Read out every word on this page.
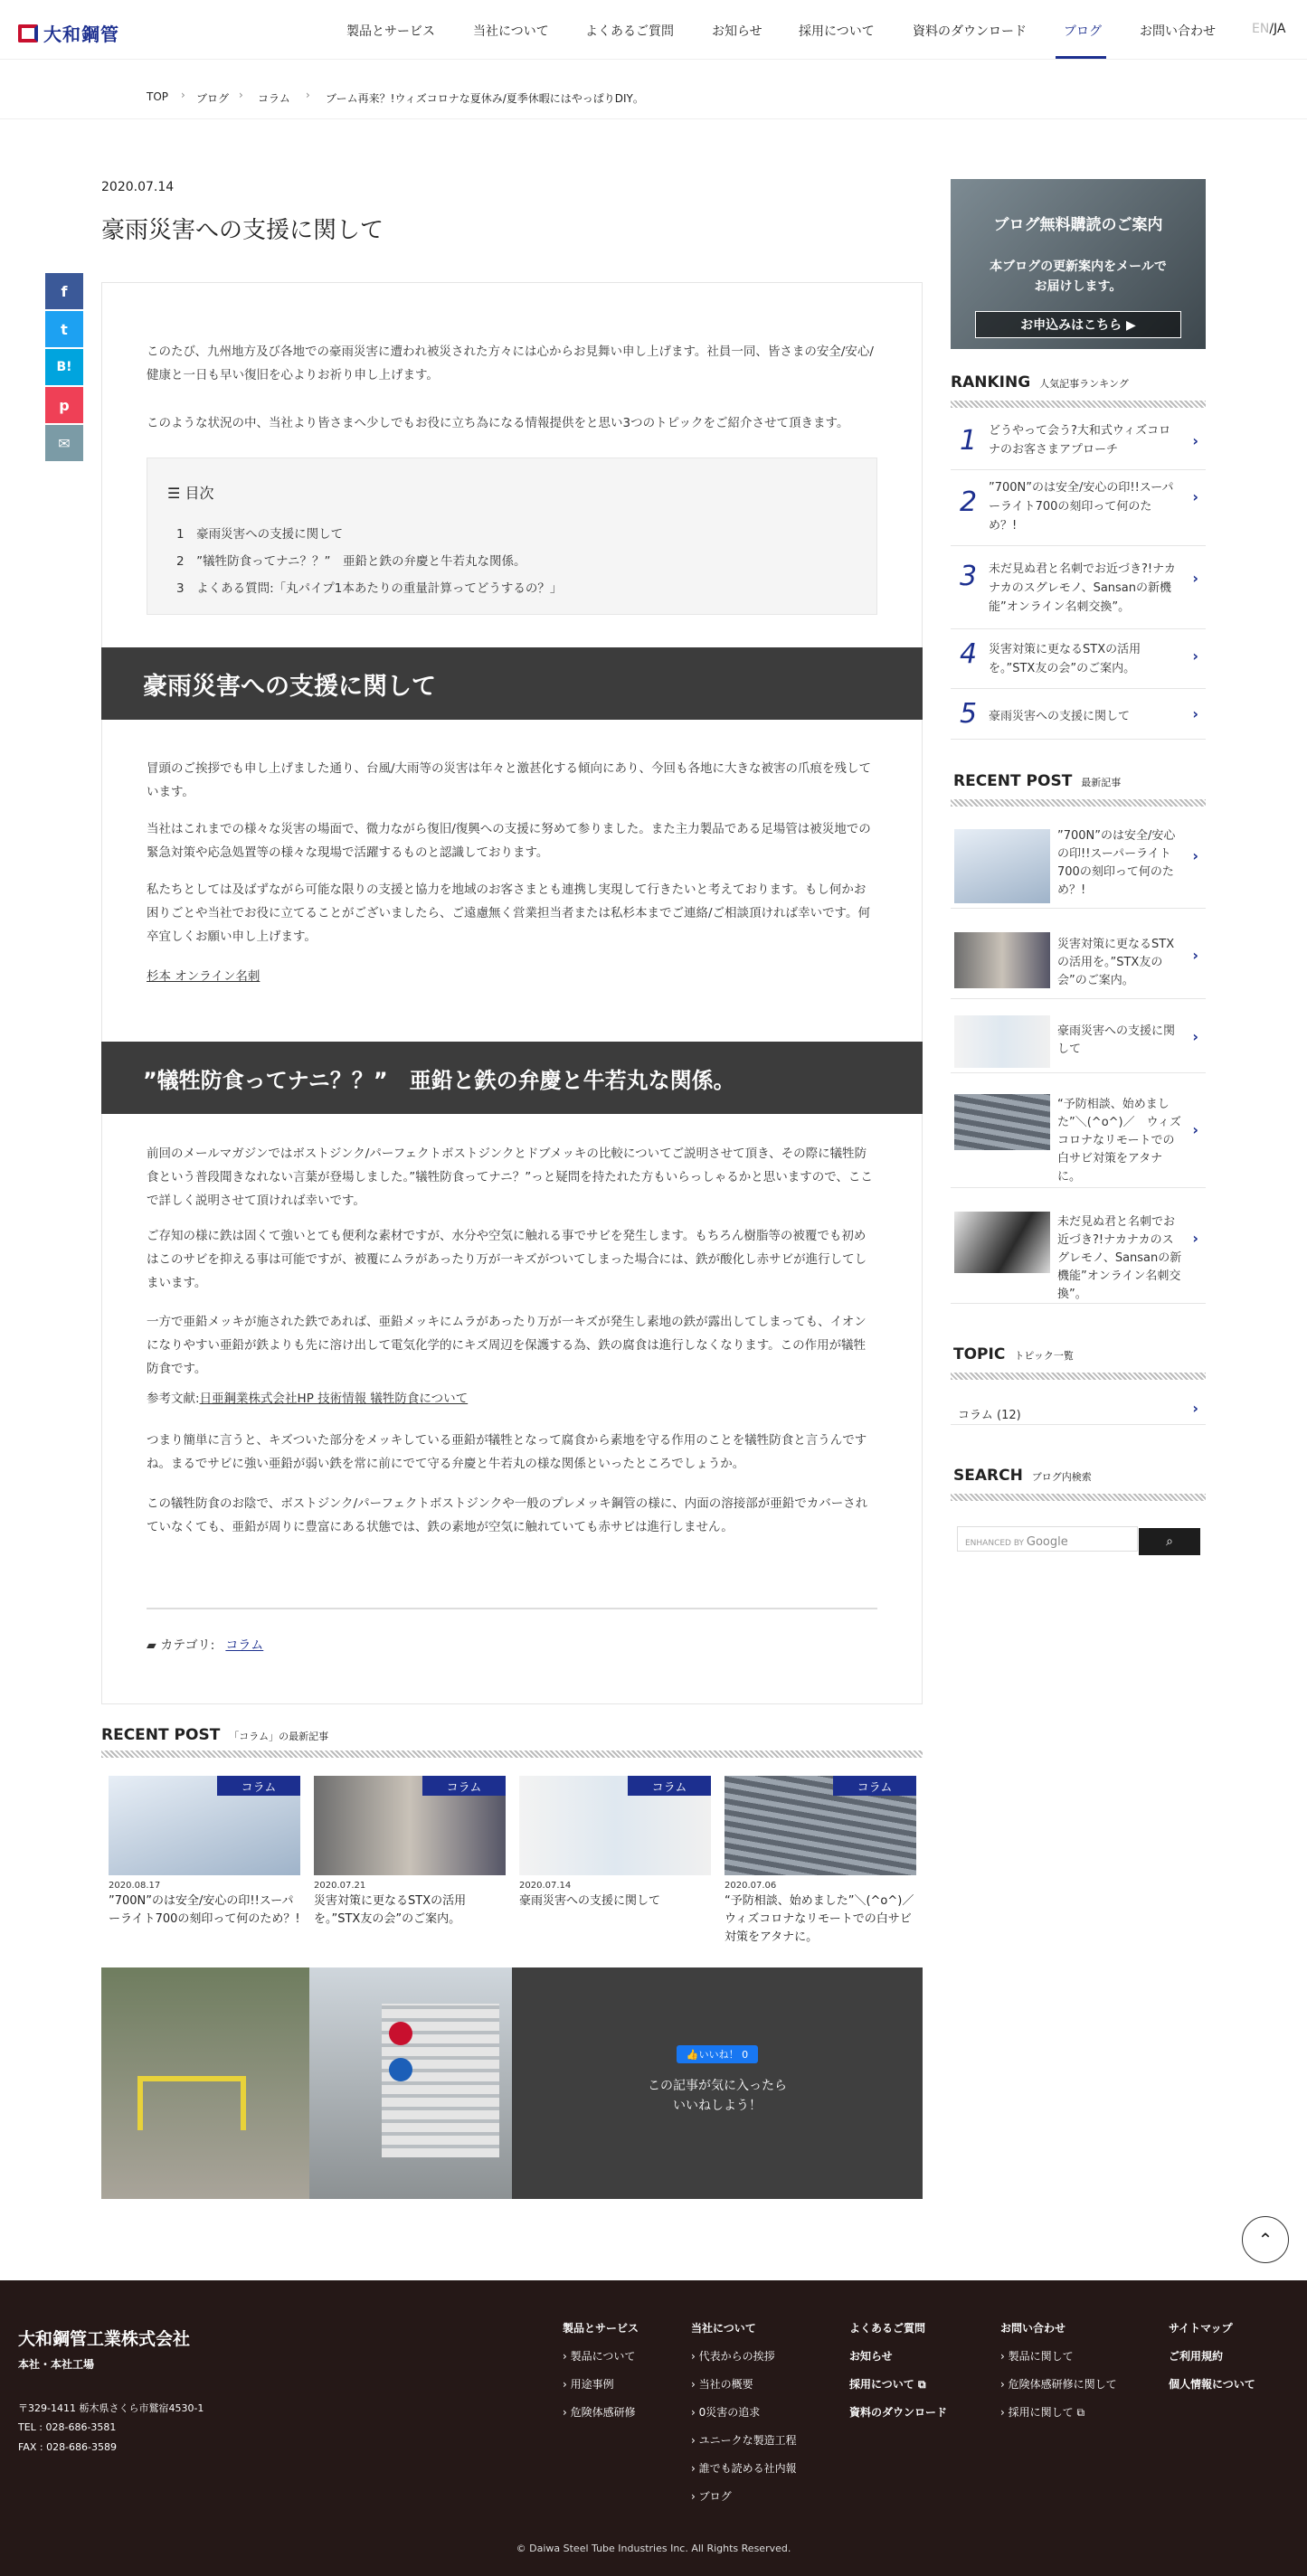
大和鋼管	製品とサービス	当社について	よくあるご質問	お知らせ	採用について	資料のダウンロード	ブログ	お問い合わせ	EN/JA
TOP › ブログ › コラム › ブーム再来？!ウィズコロナな夏休み/夏季休暇にはやっぱりDIY。
2020.07.14
豪雨災害への支援に関して
f
t
B!
p
✉

このたび、九州地方及び各地での豪雨災害に遭われ被災された方々には心からお見舞い申し上げます。社員一同、皆さまの安全/安心/健康と一日も早い復旧を心よりお祈り申し上げます。

このような状況の中、当社より皆さまへ少しでもお役に立ち為になる情報提供をと思い3つのトピックをご紹介させて頂きます。

☰ 目次
1　 豪雨災害への支援に関して
2　 ”犠牲防食ってナニ？？”　亜鉛と鉄の弁慶と牛若丸な関係。
3　 よくある質問:「丸パイプ1本あたりの重量計算ってどうするの？」
豪雨災害への支援に関して

冒頭のご挨拶でも申し上げました通り、台風/大雨等の災害は年々と激甚化する傾向にあり、今回も各地に大きな被害の爪痕を残しています。

当社はこれまでの様々な災害の場面で、微力ながら復旧/復興への支援に努めて参りました。また主力製品である足場管は被災地での緊急対策や応急処置等の様々な現場で活躍するものと認識しております。

私たちとしては及ばずながら可能な限りの支援と協力を地域のお客さまとも連携し実現して行きたいと考えております。もし何かお困りごとや当社でお役に立てることがございましたら、ご遠慮無く営業担当者または私杉本までご連絡/ご相談頂ければ幸いです。何卒宜しくお願い申し上げます。

杉本 オンライン名刺

”犠牲防食ってナニ？？”　亜鉛と鉄の弁慶と牛若丸な関係。

前回のメールマガジンではボストジンク/パーフェクトボストジンクとドブメッキの比較についてご説明させて頂き、その際に犠牲防食という普段聞きなれない言葉が登場しました。”犠牲防食ってナニ？”っと疑問を持たれた方もいらっしゃるかと思いますので、ここで詳しく説明させて頂ければ幸いです。

ご存知の様に鉄は固くて強いとても便利な素材ですが、水分や空気に触れる事でサビを発生します。もちろん樹脂等の被覆でも初めはこのサビを抑える事は可能ですが、被覆にムラがあったり万が一キズがついてしまった場合には、鉄が酸化し赤サビが進行してしまいます。

一方で亜鉛メッキが施された鉄であれば、亜鉛メッキにムラがあったり万が一キズが発生し素地の鉄が露出してしまっても、イオンになりやすい亜鉛が鉄よりも先に溶け出して電気化学的にキズ周辺を保護する為、鉄の腐食は進行しなくなります。この作用が犠牲防食です。

参考文献:日亜鋼業株式会社HP 技術情報 犠牲防食について

つまり簡単に言うと、キズついた部分をメッキしている亜鉛が犠牲となって腐食から素地を守る作用のことを犠牲防食と言うんですね。まるでサビに強い亜鉛が弱い鉄を常に前にでて守る弁慶と牛若丸の様な関係といったところでしょうか。

この犠牲防食のお陰で、ボストジンク/パーフェクトボストジンクや一般のプレメッキ鋼管の様に、内面の溶接部が亜鉛でカバーされていなくても、亜鉛が周りに豊富にある状態では、鉄の素地が空気に触れていても赤サビは進行しません。

▰ カテゴリ: コラム
RECENT POST 「コラム」の最新記事
コラム
2020.08.17
”700N”のは安全/安心の印!!スーパーライト700の刻印って何のため？!
コラム
2020.07.21
災害対策に更なるSTXの活用を。”STX友の会”のご案内。
コラム
2020.07.14
豪雨災害への支援に関して
コラム
2020.07.06
“予防相談、始めました”＼(^o^)／　ウィズコロナなリモートでの白サビ対策をアタナに。
👍 いいね！ 0
この記事が気に入ったら
いいねしよう！
ブログ無料購読のご案内
本ブログの更新案内をメールで
お届けします。
お申込みはこちら ▶
RANKING 人気記事ランキング
1 どうやって会う?大和式ウィズコロナのお客さまアプローチ
›
2 ”700N”のは安全/安心の印!!スーパーライト700の刻印って何のため？!
›
3 未だ見ぬ君と名刺でお近づき?!ナカナカのスグレモノ、Sansanの新機能”オンライン名刺交換”。
›
4 災害対策に更なるSTXの活用を。”STX友の会”のご案内。
›
5 豪雨災害への支援に関して	›
RECENT POST 最新記事
”700N”のは安全/安心の印!!スーパーライト700の刻印って何のため？!
›
災害対策に更なるSTXの活用を。”STX友の会”のご案内。
›
豪雨災害への支援に関して
›
“予防相談、始めました”＼(^o^)／　ウィズコロナなリモートでの白サビ対策をアタナに。
›
未だ見ぬ君と名刺でお近づき?!ナカナカのスグレモノ、Sansanの新機能”オンライン名刺交換”。
›
TOPIC トピック一覧
コラム (12)	›
SEARCH ブログ内検索
ENHANCED BY Google	⌕
⌃
大和鋼管工業株式会社
本社・本社工場
〒329-1411 栃木県さくら市鷲宿4530-1
TEL : 028-686-3581
FAX : 028-686-3589
製品とサービス
› 製品について
› 用途事例
› 危険体感研修
当社について
› 代表からの挨拶
› 当社の概要
› 0災害の追求
› ユニークな製造工程
› 誰でも読める社内報
› ブログ
よくあるご質問
お知らせ
採用について ⧉
資料のダウンロード
お問い合わせ
› 製品に関して
› 危険体感研修に関して
› 採用に関して ⧉
サイトマップ
ご利用規約
個人情報について
© Daiwa Steel Tube Industries Inc. All Rights Reserved.
